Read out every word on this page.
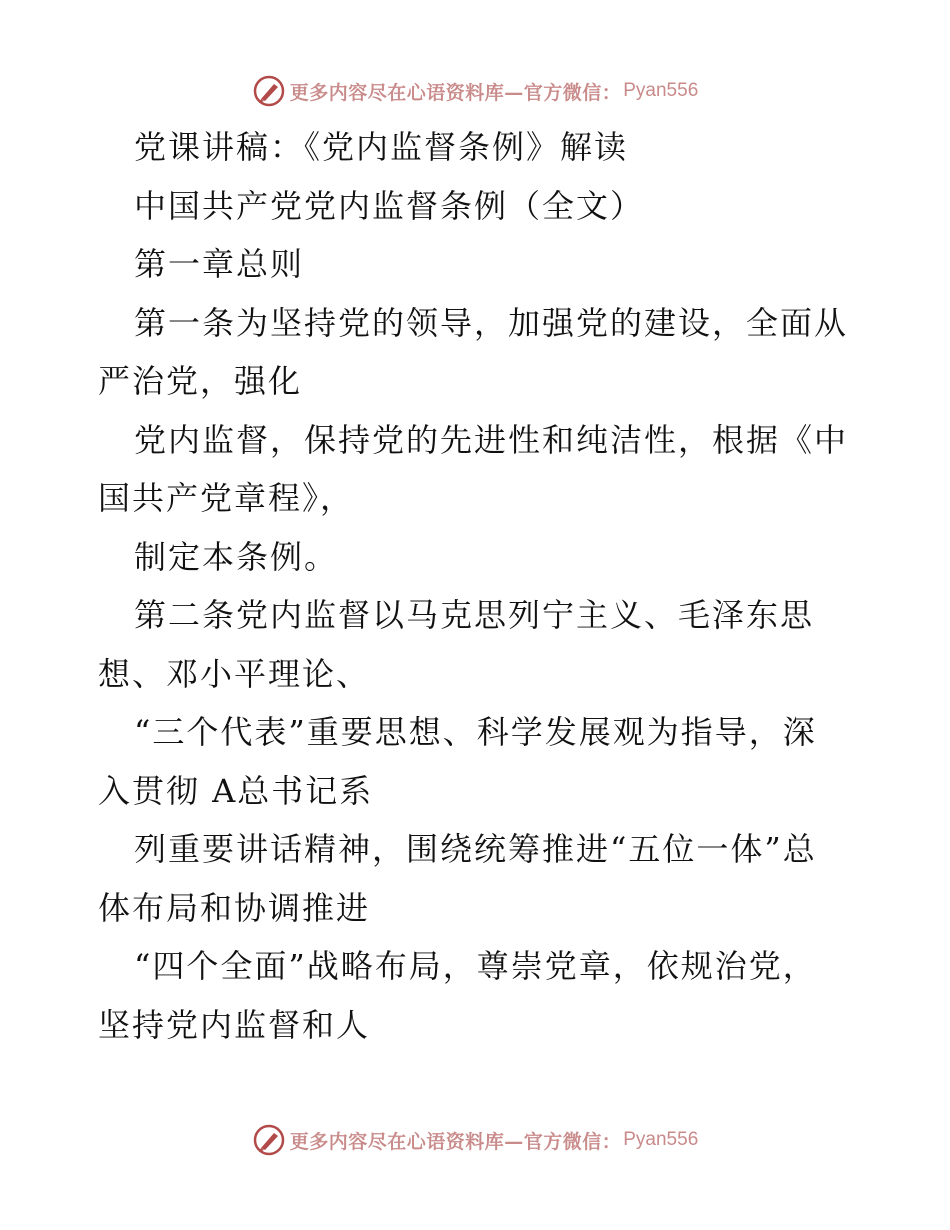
更多内容尽在心语资料库—官方微信： Pyan556
党课讲稿：《党内监督条例》解读
中国共产党党内监督条例（全文）
第一章总则
第一条为坚持党的领导，加强党的建设，全面从
严治党，强化
党内监督，保持党的先进性和纯洁性，根据《中
国共产党章程》，
制定本条例。
第二条党内监督以马克思列宁主义、毛泽东思
想、邓小平理论、
“三个代表”重要思想、科学发展观为指导，深
入贯彻 A总书记系
列重要讲话精神，围绕统筹推进“五位一体”总
体布局和协调推进
“四个全面”战略布局，尊崇党章，依规治党，
坚持党内监督和人
更多内容尽在心语资料库—官方微信： Pyan556
